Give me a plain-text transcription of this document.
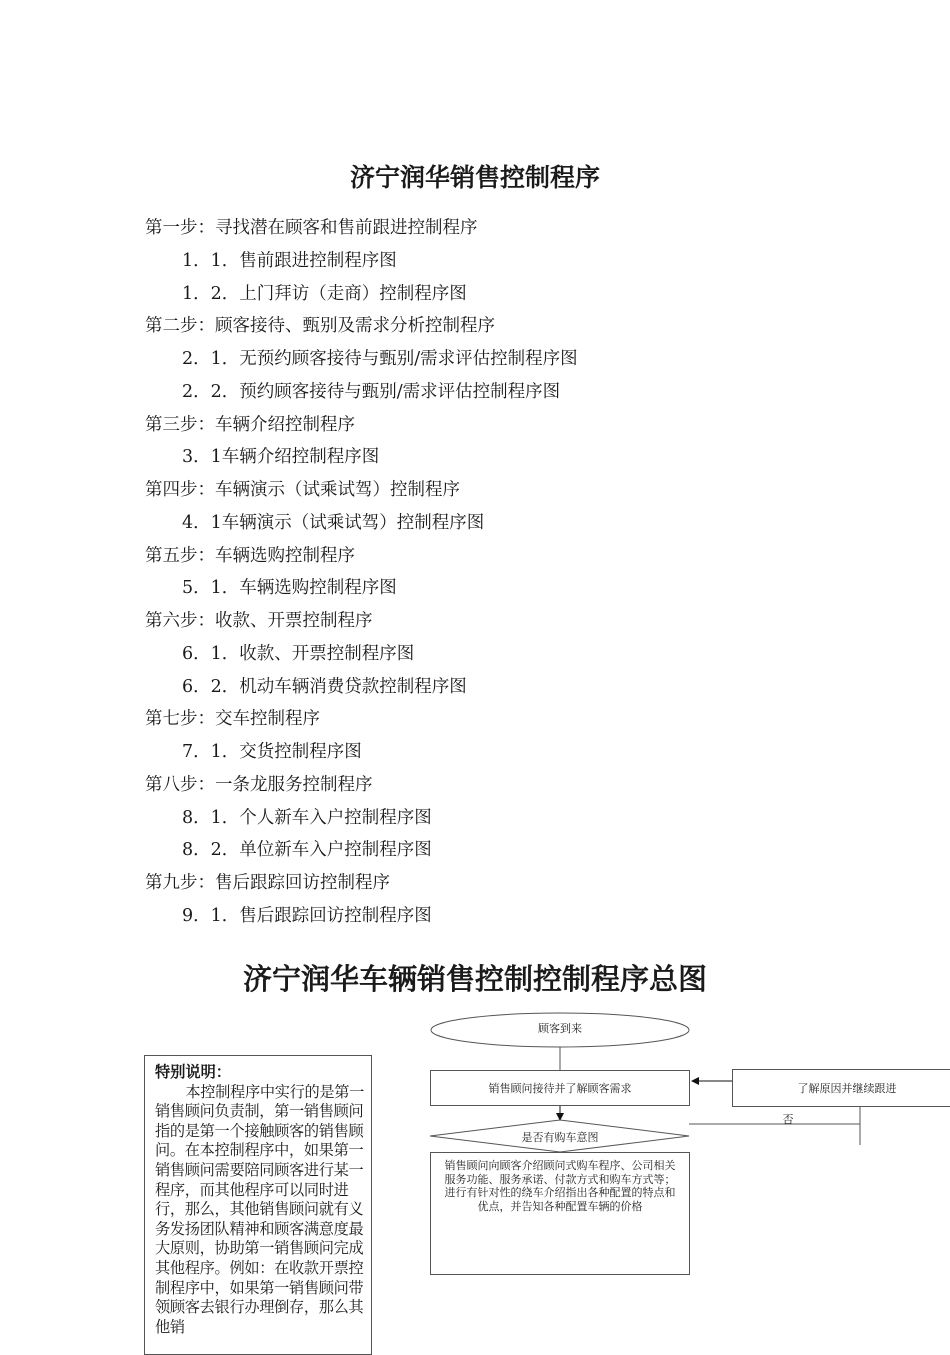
济宁润华销售控制程序
第一步：寻找潜在顾客和售前跟进控制程序
1．1．售前跟进控制程序图
1．2．上门拜访（走商）控制程序图
第二步：顾客接待、甄别及需求分析控制程序
2．1．无预约顾客接待与甄别/需求评估控制程序图
2．2．预约顾客接待与甄别/需求评估控制程序图
第三步：车辆介绍控制程序
3．1车辆介绍控制程序图
第四步：车辆演示（试乘试驾）控制程序
4．1车辆演示（试乘试驾）控制程序图
第五步：车辆选购控制程序
5．1．车辆选购控制程序图
第六步：收款、开票控制程序
6．1．收款、开票控制程序图
6．2．机动车辆消费贷款控制程序图
第七步：交车控制程序
7．1．交货控制程序图
第八步：一条龙服务控制程序
8．1．个人新车入户控制程序图
8．2．单位新车入户控制程序图
第九步：售后跟踪回访控制程序
9．1．售后跟踪回访控制程序图
济宁润华车辆销售控制控制程序总图
特别说明：
本控制程序中实行的是第一销售顾问负责制，第一销售顾问指的是第一个接触顾客的销售顾问。在本控制程序中，如果第一销售顾问需要陪同顾客进行某一程序，而其他程序可以同时进行，那么，其他销售顾问就有义务发扬团队精神和顾客满意度最大原则，协助第一销售顾问完成其他程序。例如：在收款开票控制程序中，如果第一销售顾问带领顾客去银行办理倒存，那么其他销
顾客到来
销售顾问接待并了解顾客需求	了解原因并继续跟进
否
是否有购车意图
销售顾问向顾客介绍顾问式购车程序、公司相关服务功能、服务承诺、付款方式和购车方式等；进行有针对性的绕车介绍指出各种配置的特点和优点，并告知各种配置车辆的价格
